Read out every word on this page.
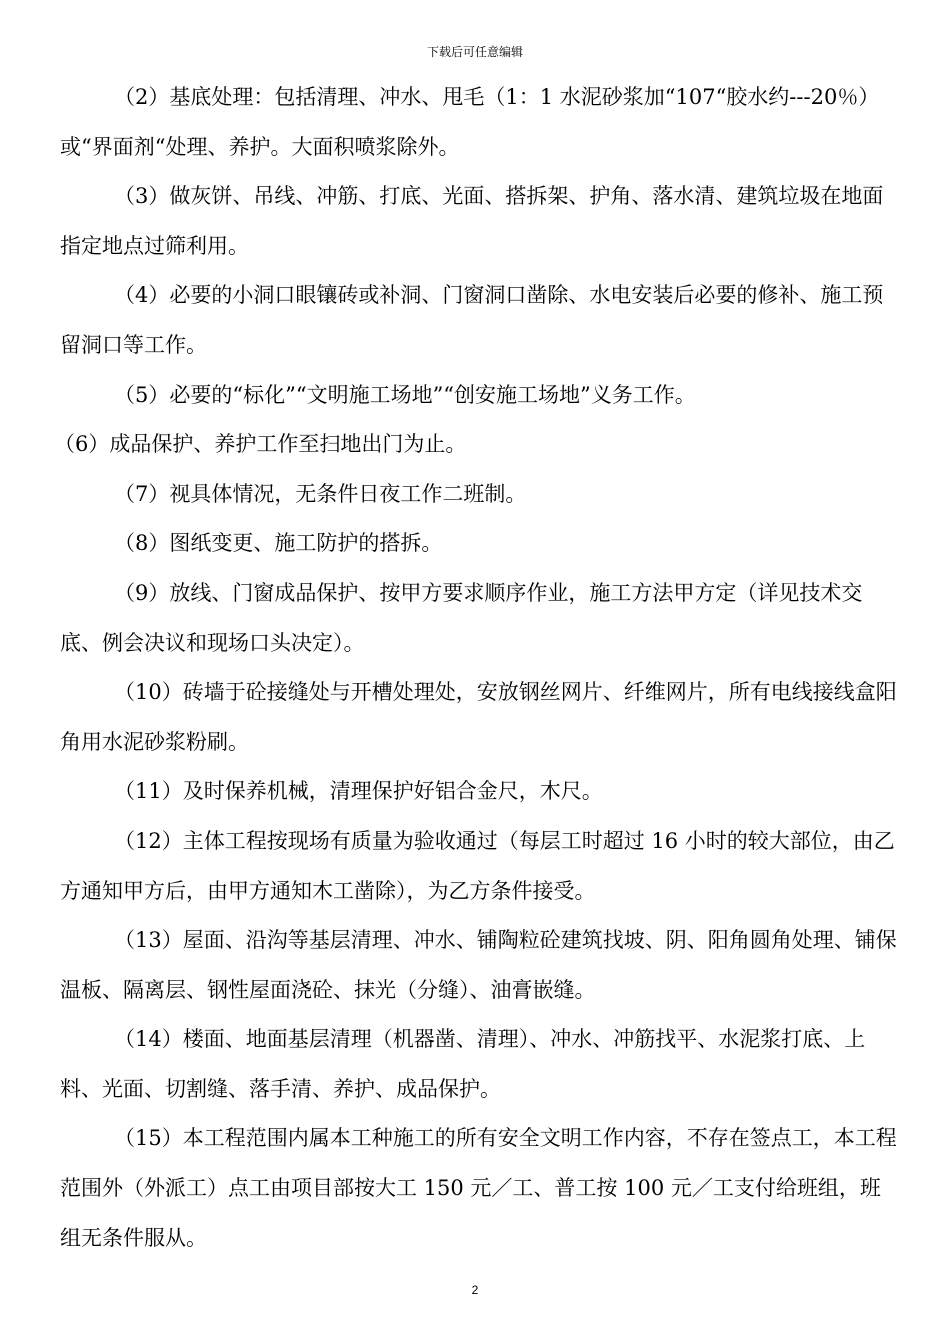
下载后可任意编辑

（2）基底处理：包括清理、冲水、甩毛（1：1 水泥砂浆加“107“胶水约---20％）或“界面剂“处理、养护。大面积喷浆除外。

（3）做灰饼、吊线、冲筋、打底、光面、搭拆架、护角、落水清、建筑垃圾在地面指定地点过筛利用。

（4）必要的小洞口眼镶砖或补洞、门窗洞口凿除、水电安装后必要的修补、施工预留洞口等工作。

（5）必要的“标化”“文明施工场地”“创安施工场地”义务工作。

（6）成品保护、养护工作至扫地出门为止。

（7）视具体情况，无条件日夜工作二班制。

（8）图纸变更、施工防护的搭拆。

（9）放线、门窗成品保护、按甲方要求顺序作业，施工方法甲方定（详见技术交底、例会决议和现场口头决定）。

（10）砖墙于砼接缝处与开槽处理处，安放钢丝网片、纤维网片，所有电线接线盒阳角用水泥砂浆粉刷。

（11）及时保养机械，清理保护好铝合金尺，木尺。

（12）主体工程按现场有质量为验收通过（每层工时超过 16 小时的较大部位，由乙方通知甲方后，由甲方通知木工凿除），为乙方条件接受。

（13）屋面、沿沟等基层清理、冲水、铺陶粒砼建筑找坡、阴、阳角圆角处理、铺保温板、隔离层、钢性屋面浇砼、抹光（分缝）、油膏嵌缝。

（14）楼面、地面基层清理（机器凿、清理）、冲水、冲筋找平、水泥浆打底、上料、光面、切割缝、落手清、养护、成品保护。

（15）本工程范围内属本工种施工的所有安全文明工作内容，不存在签点工，本工程范围外（外派工）点工由项目部按大工 150 元／工、普工按 100 元／工支付给班组，班组无条件服从。

2
